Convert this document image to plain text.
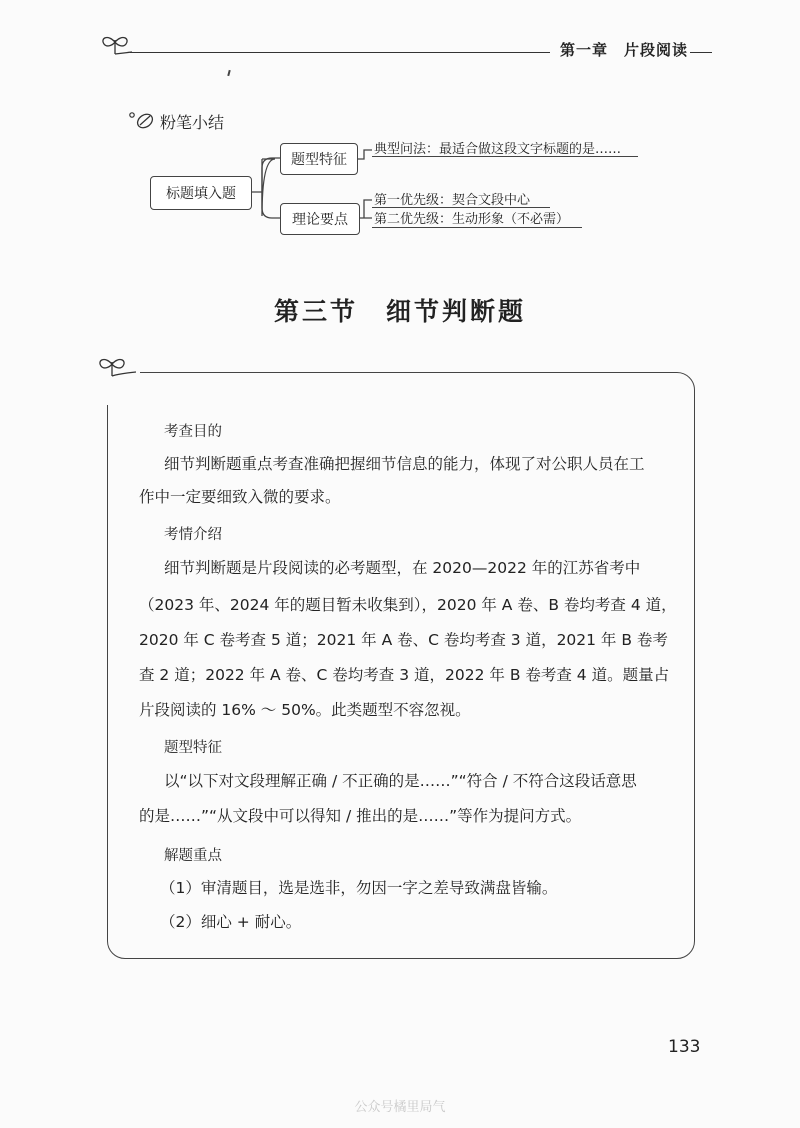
第一章　片段阅读
粉笔小结
标题填入题
题型特征
理论要点
典型问法：最适合做这段文字标题的是……
第一优先级：契合文段中心
第二优先级：生动形象（不必需）
第三节　细节判断题
考查目的
细节判断题重点考查准确把握细节信息的能力，体现了对公职人员在工
作中一定要细致入微的要求。
考情介绍
细节判断题是片段阅读的必考题型，在 2020—2022 年的江苏省考中
（2023 年、2024 年的题目暂未收集到），2020 年 A 卷、B 卷均考查 4 道，
2020 年 C 卷考查 5 道；2021 年 A 卷、C 卷均考查 3 道，2021 年 B 卷考
查 2 道；2022 年 A 卷、C 卷均考查 3 道，2022 年 B 卷考查 4 道。题量占
片段阅读的 16% ～ 50%。此类题型不容忽视。
题型特征
以“以下对文段理解正确 / 不正确的是……”“符合 / 不符合这段话意思
的是……”“从文段中可以得知 / 推出的是……”等作为提问方式。
解题重点
（1）审清题目，选是选非，勿因一字之差导致满盘皆输。
（2）细心 + 耐心。
133
公众号橘里局气
